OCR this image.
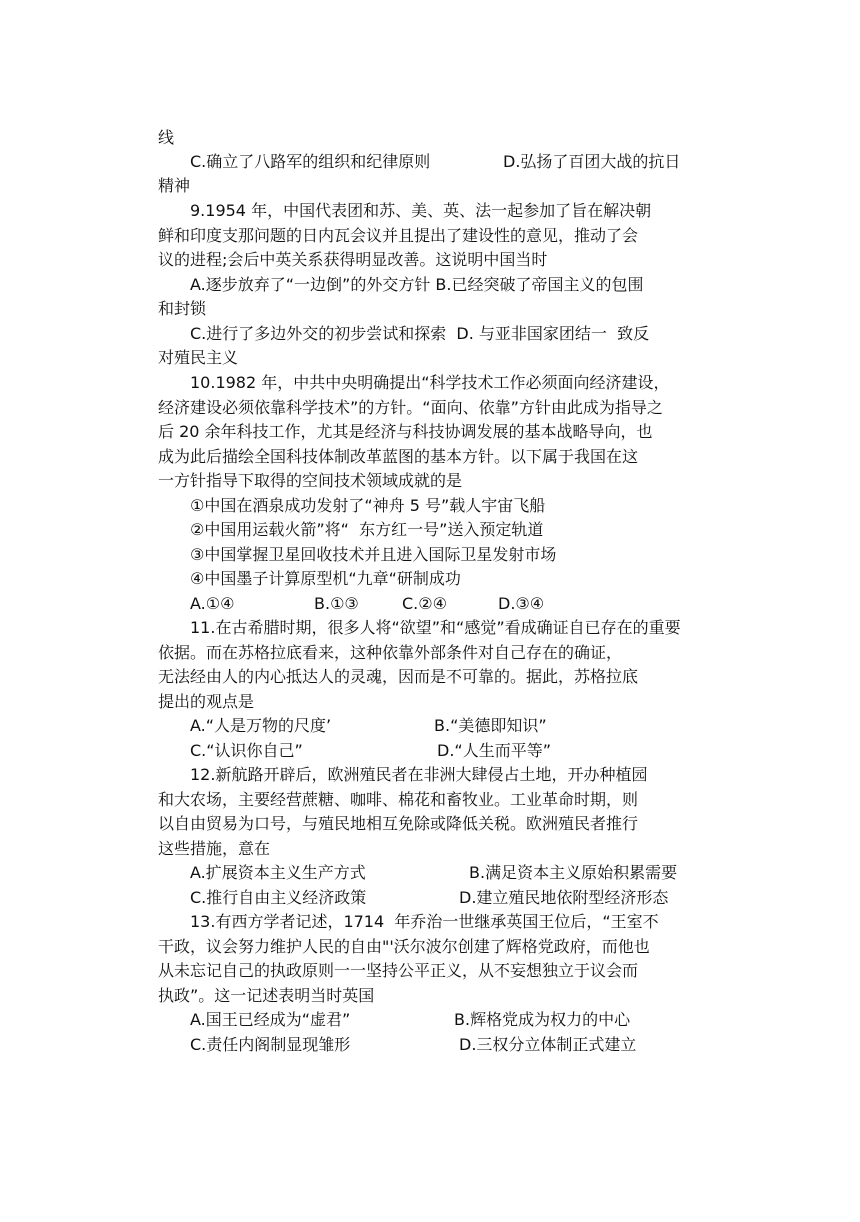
线
C.确立了八路军的组织和纪律原则	D.弘扬了百团大战的抗日
精神
9.1954 年，中国代表团和苏、美、英、法一起参加了旨在解决朝
鲜和印度支那问题的日内瓦会议并且提出了建设性的意见，推动了会
议的进程;会后中英关系获得明显改善。这说明中国当时
A.逐步放弃了“一边倒”的外交方针 B.已经突破了帝国主义的包围
和封锁
C.进行了多边外交的初步尝试和探索  D. 与亚非国家团结一  致反
对殖民主义
10.1982 年，中共中央明确提出“科学技术工作必须面向经济建设，
经济建设必须依靠科学技术”的方针。“面向、依靠”方针由此成为指导之
后 20 余年科技工作，尤其是经济与科技协调发展的基本战略导向，也
成为此后描绘全国科技体制改革蓝图的基本方针。以下属于我国在这
一方针指导下取得的空间技术领域成就的是
①中国在酒泉成功发射了“神舟 5 号”载人宇宙飞船
②中国用运载火箭”将“  东方红一号”送入预定轨道
③中国掌握卫星回收技术并且进入国际卫星发射市场
④中国墨子计算原型机“九章“研制成功
A.①④	B.①③	C.②④	D.③④
11.在古希腊时期，很多人将“欲望”和“感觉”看成确证自已存在的重要
依据。而在苏格拉底看来，这种依靠外部条件对自己存在的确证，
无法经由人的内心抵达人的灵魂，因而是不可靠的。据此，苏格拉底
提出的观点是
A.“人是万物的尺度’	B.“美德即知识”
C.“认识你自己”	D.“人生而平等”
12.新航路开辟后，欧洲殖民者在非洲大肆侵占土地，开办种植园
和大农场，主要经营蔗糖、咖啡、棉花和畜牧业。工业革命时期，则
以自由贸易为口号，与殖民地相互免除或降低关税。欧洲殖民者推行
这些措施，意在
A.扩展资本主义生产方式	B.满足资本主义原始积累需要
C.推行自由主义经济政策	D.建立殖民地依附型经济形态
13.有西方学者记述，1714  年乔治一世继承英国王位后，“王室不
干政，议会努力维护人民的自由"'沃尔波尔创建了辉格党政府，而他也
从未忘记自己的执政原则一一坚持公平正义，从不妄想独立于议会而
执政”。这一记述表明当时英国
A.国王已经成为“虚君”	B.辉格党成为权力的中心
C.责任内阁制显现雏形	D.三权分立体制正式建立
